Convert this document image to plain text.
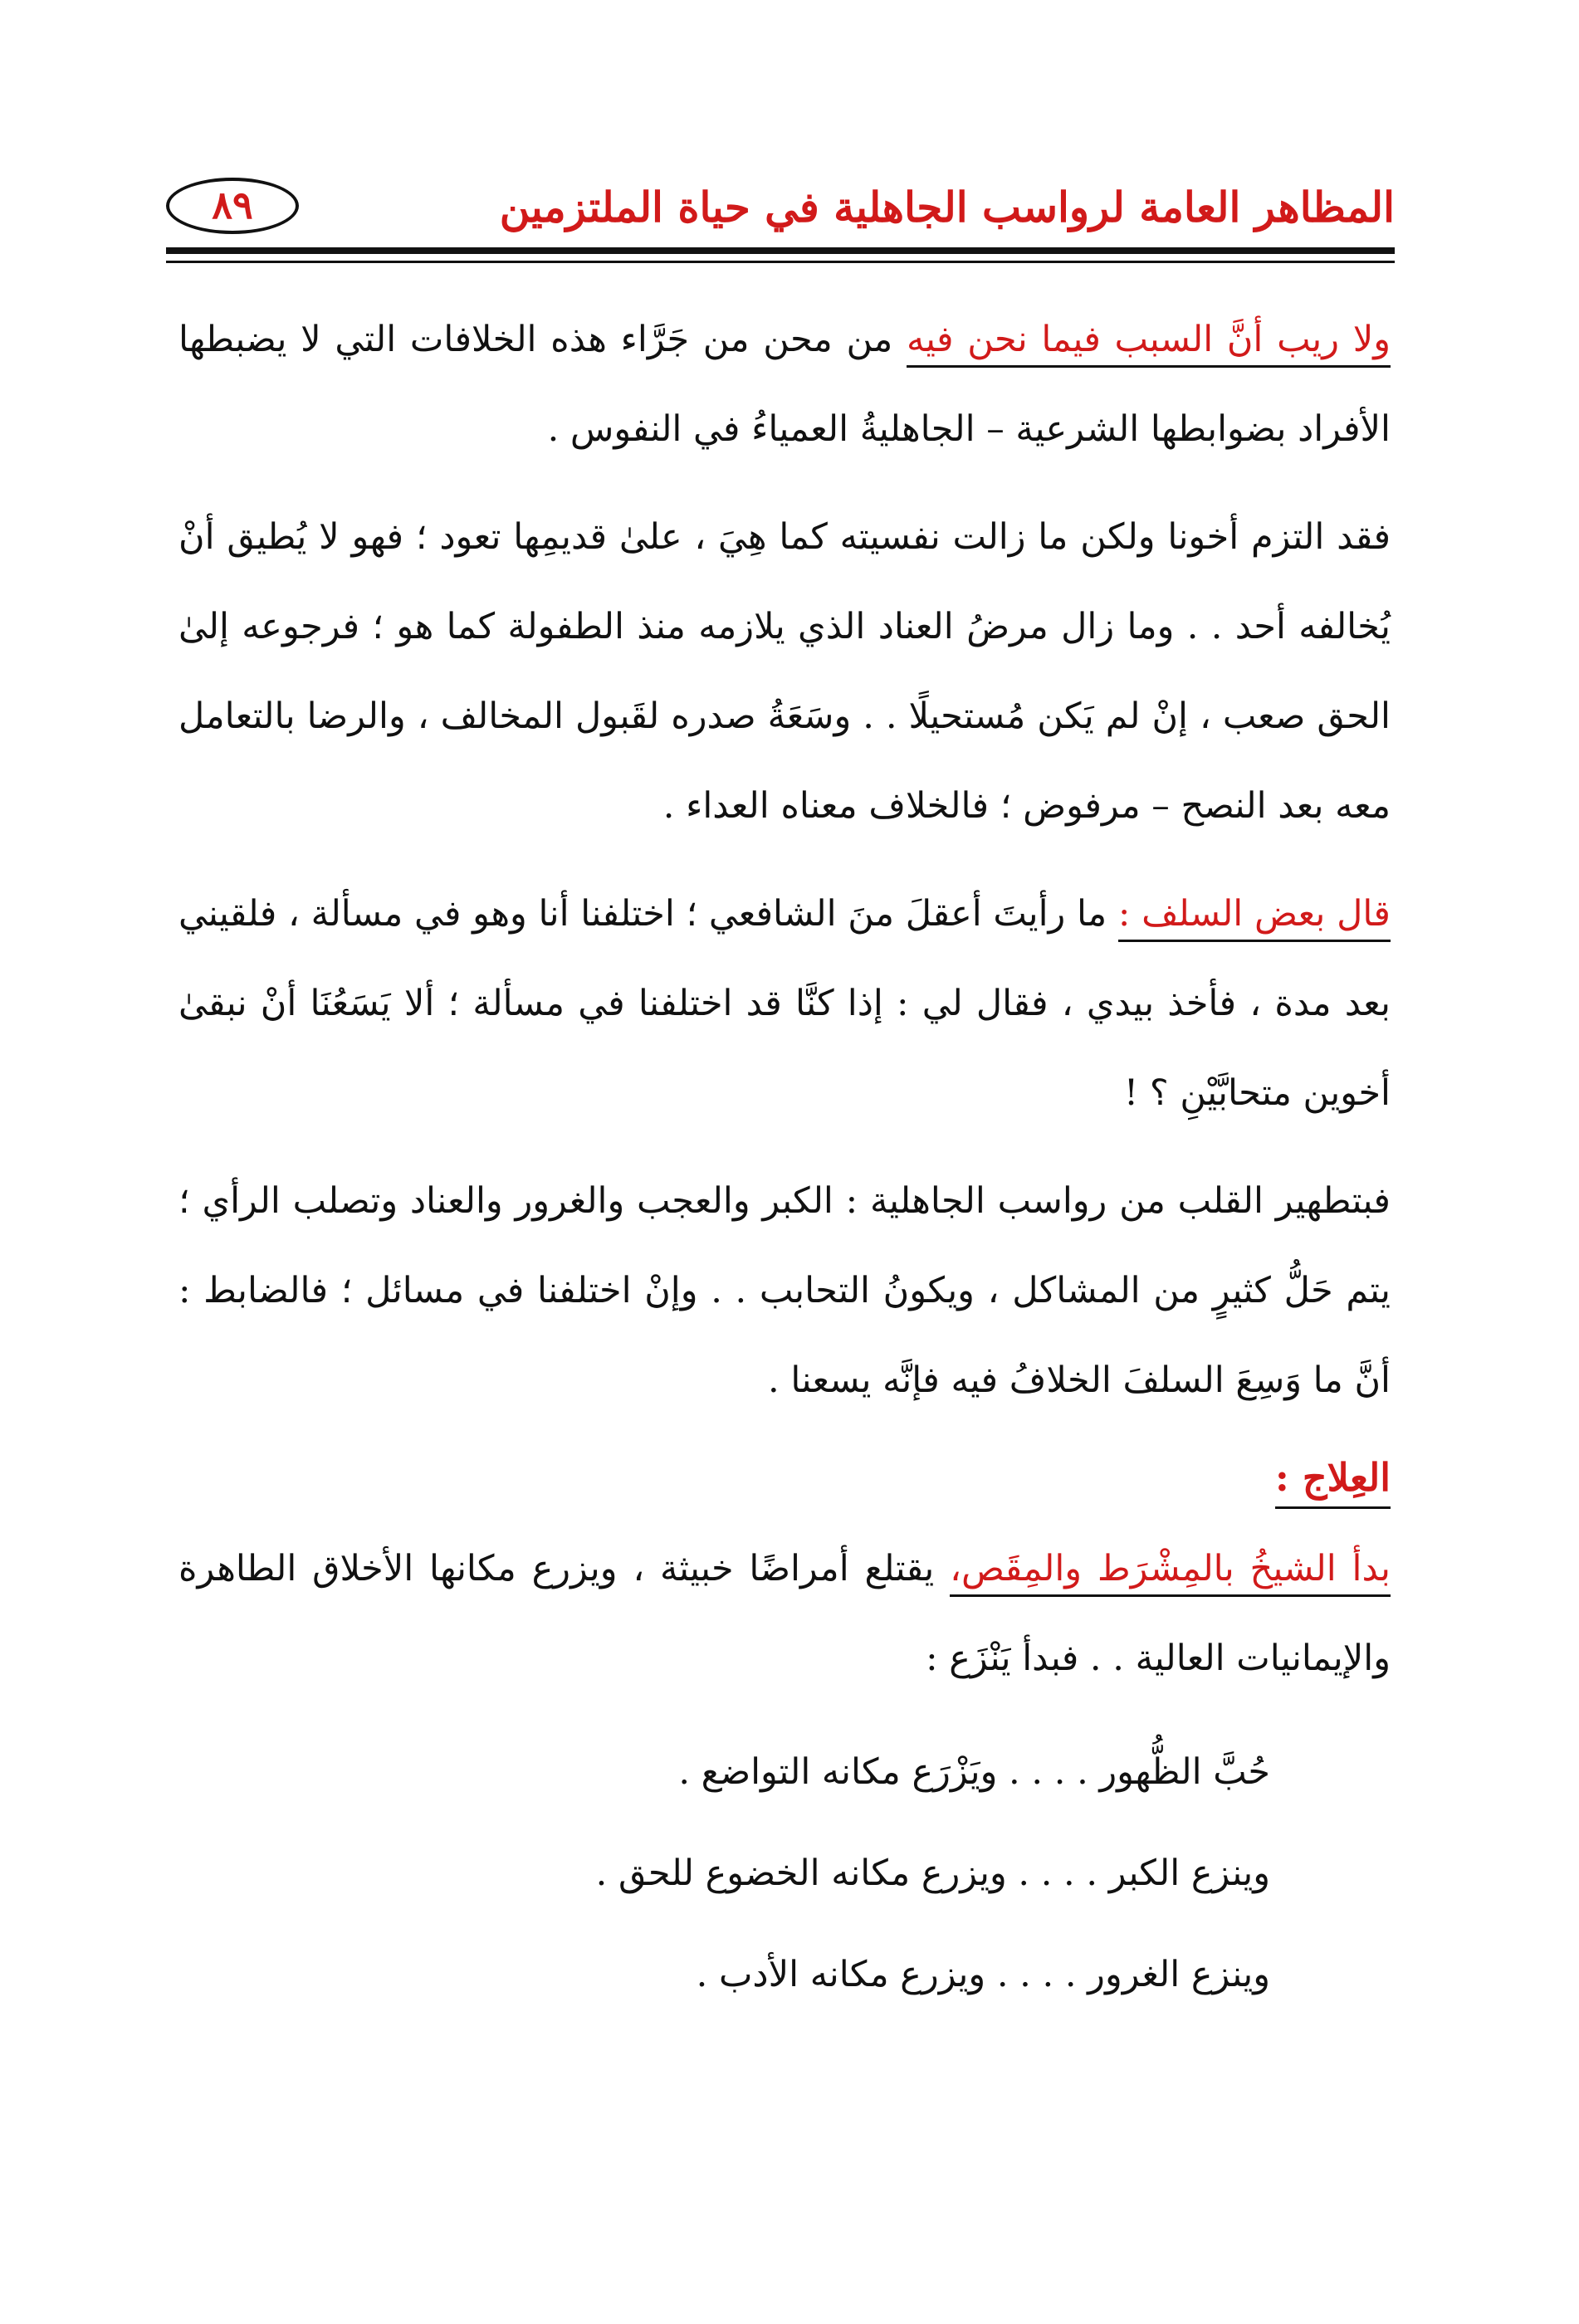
المظاهر العامة لرواسب الجاهلية في حياة الملتزمين
٨٩

ولا ريب أنَّ السبب فيما نحن فيه من محن من جَرَّاء هذه الخلافات التي لا يضبطها الأفراد بضوابطها الشرعية – الجاهليةُ العمياءُ في النفوس .

فقد التزم أخونا ولكن ما زالت نفسيته كما هِيَ ، علىٰ قديمِها تعود ؛ فهو لا يُطيق أنْ يُخالفه أحد . . وما زال مرضُ العناد الذي يلازمه منذ الطفولة كما هو ؛ فرجوعه إلىٰ الحق صعب ، إنْ لم يَكن مُستحيلًا . . وسَعَةُ صدره لقَبول المخالف ، والرضا بالتعامل معه بعد النصح – مرفوض ؛ فالخلاف معناه العداء .

قال بعض السلف : ما رأيتَ أعقلَ منَ الشافعي ؛ اختلفنا أنا وهو في مسألة ، فلقيني بعد مدة ، فأخذ بيدي ، فقال لي : إذا كنَّا قد اختلفنا في مسألة ؛ ألا يَسَعُنَا أنْ نبقىٰ أخوين متحابَّيْنِ ؟ !

فبتطهير القلب من رواسب الجاهلية : الكبر والعجب والغرور والعناد وتصلب الرأي ؛ يتم حَلُّ كثيرٍ من المشاكل ، ويكونُ التحابب . . وإنْ اختلفنا في مسائل ؛ فالضابط : أنَّ ما وَسِعَ السلفَ الخلافُ فيه فإنَّه يسعنا .

العِلاج :

بدأ الشيخُ بالمِشْرَط والمِقَص، يقتلع أمراضًا خبيثة ، ويزرع مكانها الأخلاق الطاهرة والإيمانيات العالية . . فبدأ يَنْزَع :

حُبَّ الظُّهور . . . . ويَزْرَع مكانه التواضع .
وينزع الكبر . . . . ويزرع مكانه الخضوع للحق .
وينزع الغرور . . . . ويزرع مكانه الأدب .
